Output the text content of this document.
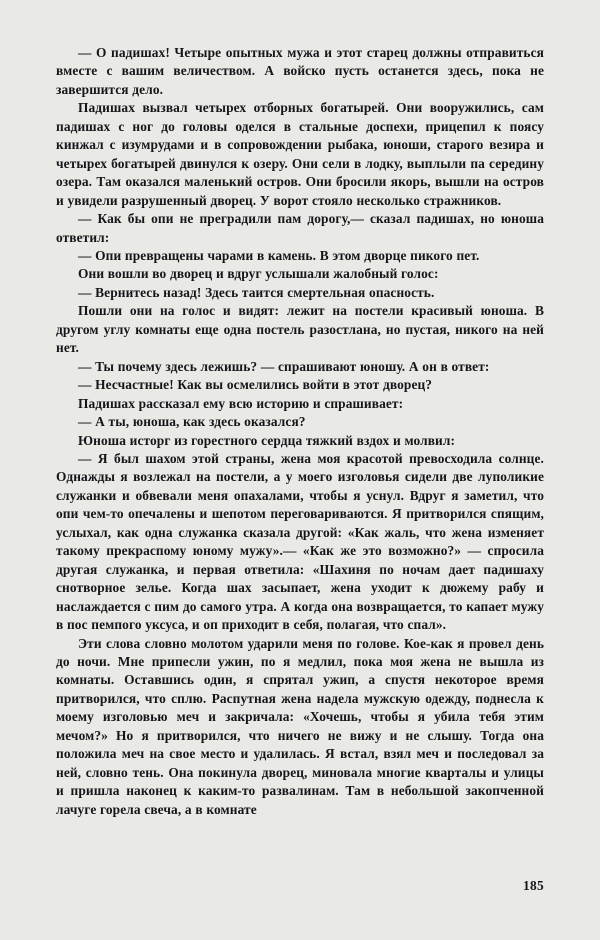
— О падишах! Четыре опытных мужа и этот старец должны отправиться вместе с вашим величеством. А войско пусть останется здесь, пока не завершится дело.

Падишах вызвал четырех отборных богатырей. Они вооружились, сам падишах с ног до головы оделся в стальные доспехи, прицепил к поясу кинжал с изумрудами и в сопровождении рыбака, юноши, старого везира и четырех богатырей двинулся к озеру. Они сели в лодку, выплыли па середину озера. Там оказался маленький остров. Они бросили якорь, вышли на остров и увидели разрушенный дворец. У ворот стояло несколько стражников.

— Как бы опи не преградили пам дорогу,— сказал падишах, но юноша ответил:

— Опи превращены чарами в камень. В этом дворце пикого пет.

Они вошли во дворец и вдруг услышали жалобный голос:

— Вернитесь назад! Здесь таится смертельная опасность.

Пошли они на голос и видят: лежит на постели красивый юноша. В другом углу комнаты еще одна постель разостлана, но пустая, никого на ней нет.

— Ты почему здесь лежишь? — спрашивают юношу. А он в ответ:

— Несчастные! Как вы осмелились войти в этот дворец?

Падишах рассказал ему всю историю и спрашивает:

— А ты, юноша, как здесь оказался?

Юноша исторг из горестного сердца тяжкий вздох и молвил:

— Я был шахом этой страны, жена моя красотой превосходила солнце. Однажды я возлежал на постели, а у моего изголовья сидели две луполикие служанки и обвевали меня опахалами, чтобы я уснул. Вдруг я заметил, что опи чем-то опечалены и шепотом переговариваются. Я притворился спящим, услыхал, как одна служанка сказала другой: «Как жаль, что жена изменяет такому прекраспому юному мужу».— «Как же это возможно?» — спросила другая служанка, и первая ответила: «Шахиня по ночам дает падишаху снотворное зелье. Когда шах засыпает, жена уходит к дюжему рабу и наслаждается с пим до самого утра. А когда она возвращается, то капает мужу в пос пемпого уксуса, и оп приходит в себя, полагая, что спал».

Эти слова словно молотом ударили меня по голове. Кое-как я провел день до ночи. Мне припесли ужин, по я медлил, пока моя жена не вышла из комнаты. Оставшись один, я спрятал ужип, а спустя некоторое время притворился, что сплю. Распутная жена надела мужскую одежду, поднесла к моему изголовью меч и закричала: «Хочешь, чтобы я убила тебя этим мечом?» Но я притворился, что ничего не вижу и не слышу. Тогда она положила меч на свое место и удалилась. Я встал, взял меч и последовал за ней, словно тень. Она покинула дворец, миновала многие кварталы и улицы и пришла наконец к каким-то развалинам. Там в небольшой закопченной лачуге горела свеча, а в комнате

185
